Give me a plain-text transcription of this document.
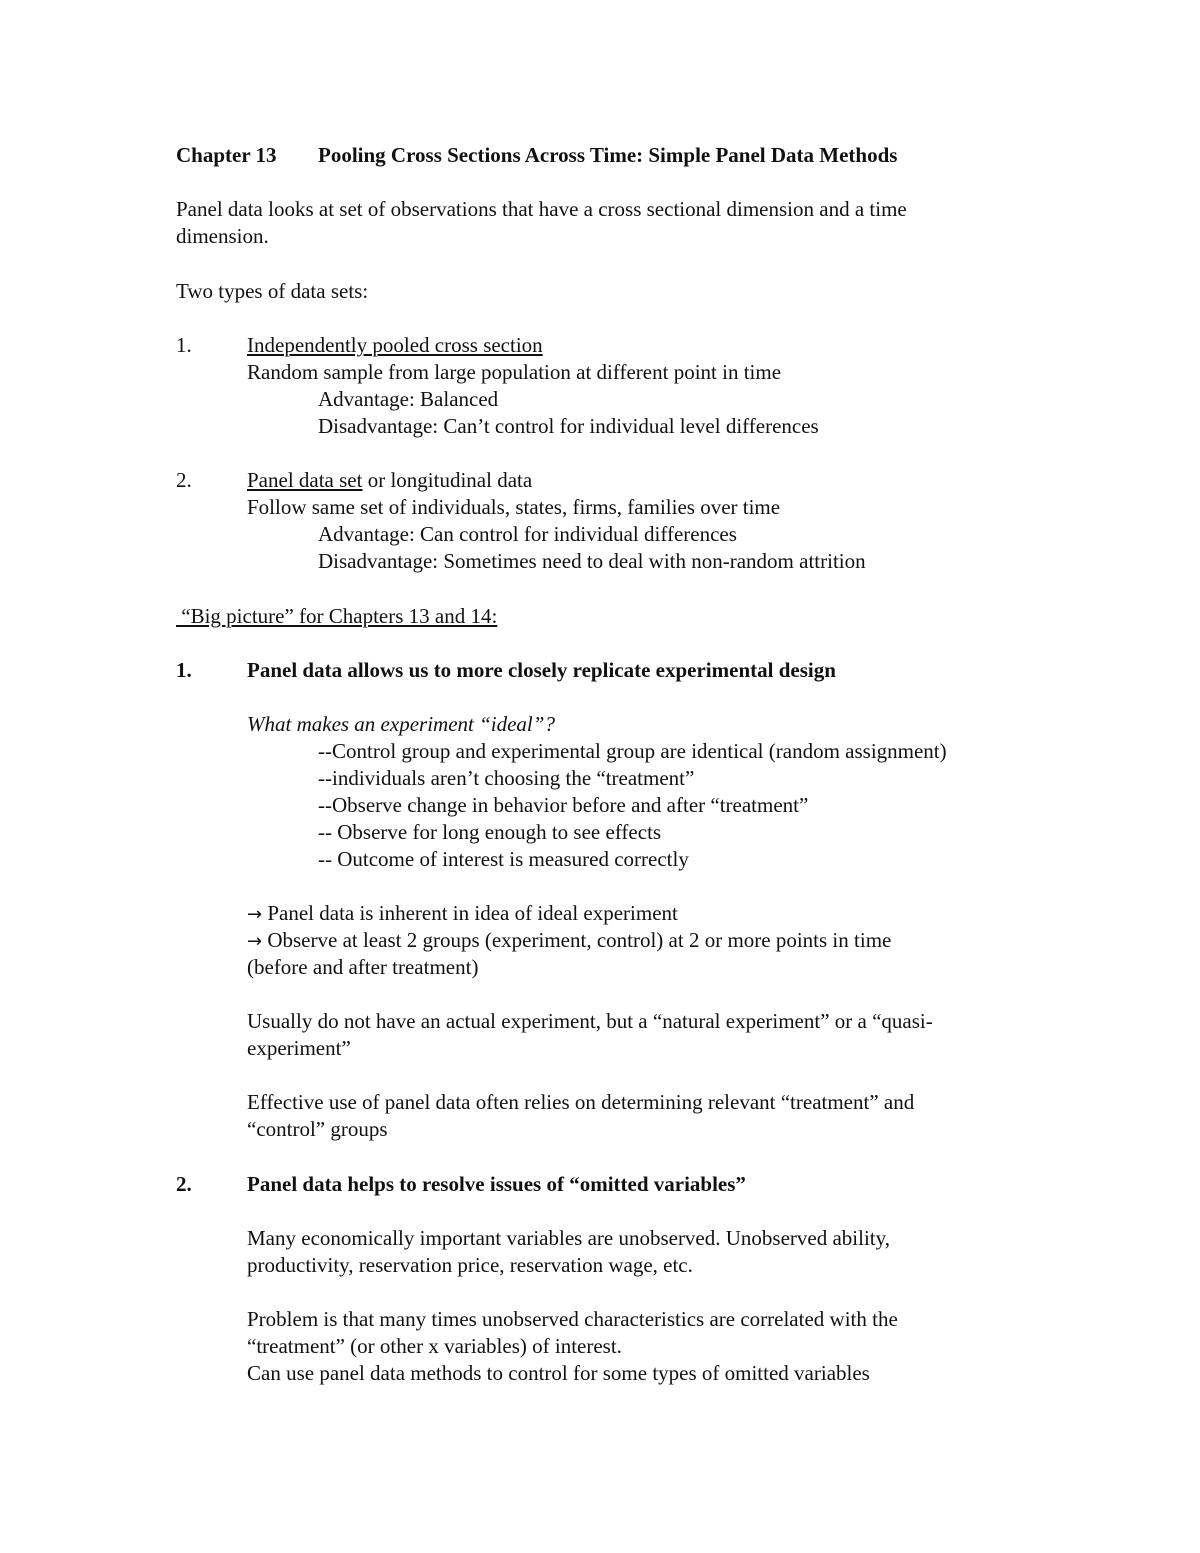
Chapter 13 Pooling Cross Sections Across Time: Simple Panel Data Methods
Panel data looks at set of observations that have a cross sectional dimension and a time
dimension.
Two types of data sets:
1.	Independently pooled cross section
Random sample from large population at different point in time
Advantage: Balanced
Disadvantage: Can’t control for individual level differences
2.	Panel data set or longitudinal data
Follow same set of individuals, states, firms, families over time
Advantage: Can control for individual differences
Disadvantage: Sometimes need to deal with non-random attrition
“Big picture” for Chapters 13 and 14:
1.	Panel data allows us to more closely replicate experimental design
What makes an experiment “ideal”?
--Control group and experimental group are identical (random assignment)
--individuals aren’t choosing the “treatment”
--Observe change in behavior before and after “treatment”
-- Observe for long enough to see effects
-- Outcome of interest is measured correctly
→ Panel data is inherent in idea of ideal experiment
→ Observe at least 2 groups (experiment, control) at 2 or more points in time
(before and after treatment)
Usually do not have an actual experiment, but a “natural experiment” or a “quasi-
experiment”
Effective use of panel data often relies on determining relevant “treatment” and
“control” groups
2.	Panel data helps to resolve issues of “omitted variables”
Many economically important variables are unobserved. Unobserved ability,
productivity, reservation price, reservation wage, etc.
Problem is that many times unobserved characteristics are correlated with the
“treatment” (or other x variables) of interest.
Can use panel data methods to control for some types of omitted variables
